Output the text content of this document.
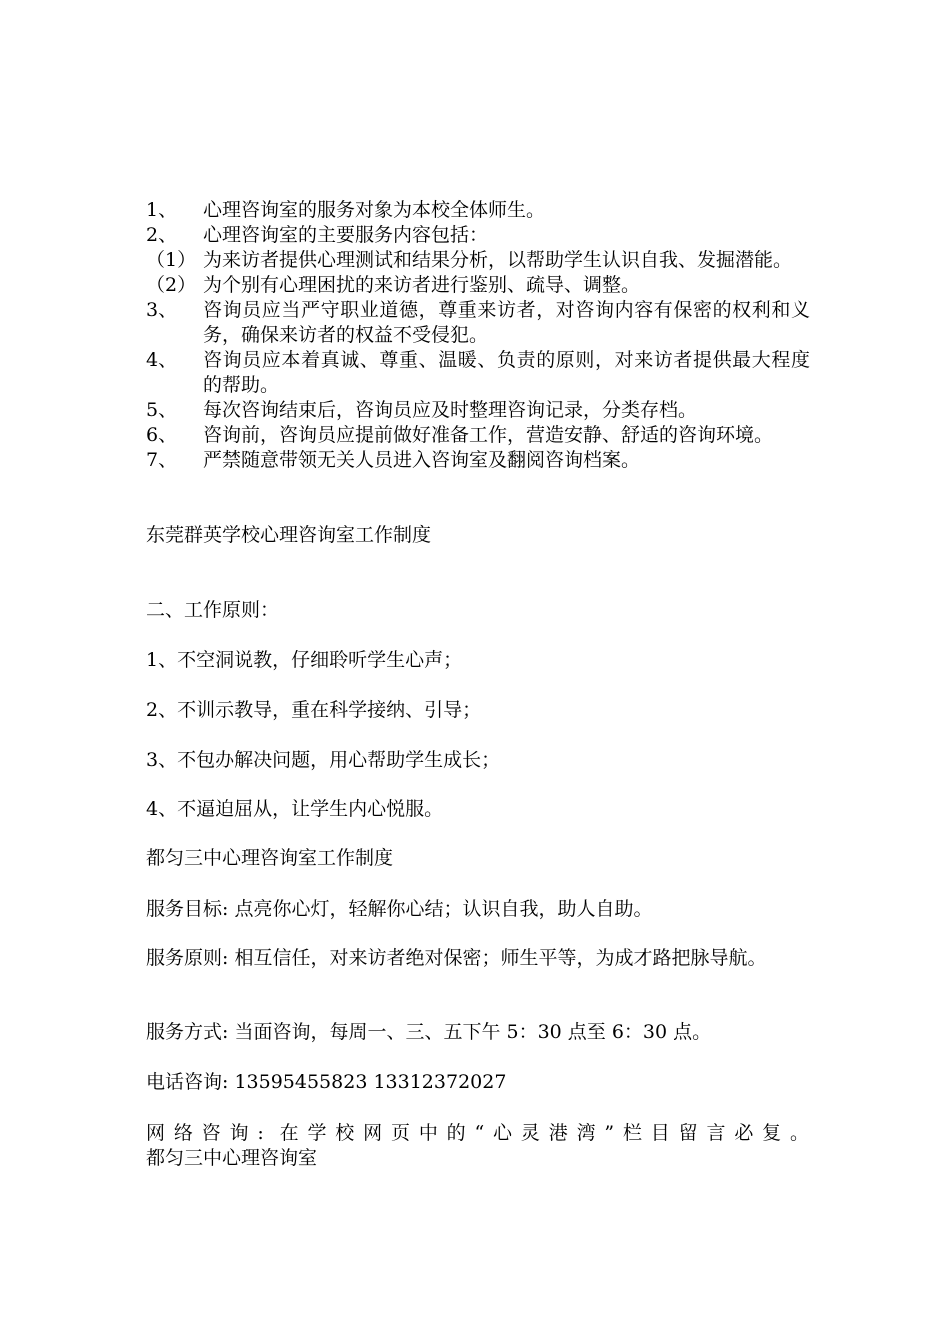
1、	心理咨询室的服务对象为本校全体师生。
2、	心理咨询室的主要服务内容包括：
（1） 为来访者提供心理测试和结果分析，以帮助学生认识自我、发掘潜能。
（2） 为个别有心理困扰的来访者进行鉴别、疏导、调整。
3、	咨询员应当严守职业道德，尊重来访者，对咨询内容有保密的权利和义务，确保来访者的权益不受侵犯。
4、	咨询员应本着真诚、尊重、温暖、负责的原则，对来访者提供最大程度的帮助。
5、	每次咨询结束后，咨询员应及时整理咨询记录，分类存档。
6、	咨询前，咨询员应提前做好准备工作，营造安静、舒适的咨询环境。
7、	严禁随意带领无关人员进入咨询室及翻阅咨询档案。
东莞群英学校心理咨询室工作制度
二、工作原则：
1、不空洞说教，仔细聆听学生心声；
2、不训示教导，重在科学接纳、引导；
3、不包办解决问题，用心帮助学生成长；
4、不逼迫屈从，让学生内心悦服。
都匀三中心理咨询室工作制度
服务目标: 点亮你心灯，轻解你心结；认识自我，助人自助。
服务原则: 相互信任，对来访者绝对保密；师生平等，为成才路把脉导航。
服务方式: 当面咨询，每周一、三、五下午 5：30 点至 6：30 点。
电话咨询: 13595455823 13312372027
网络咨询: 在学校网页中的“心灵港湾”栏目留言必复。
都匀三中心理咨询室
